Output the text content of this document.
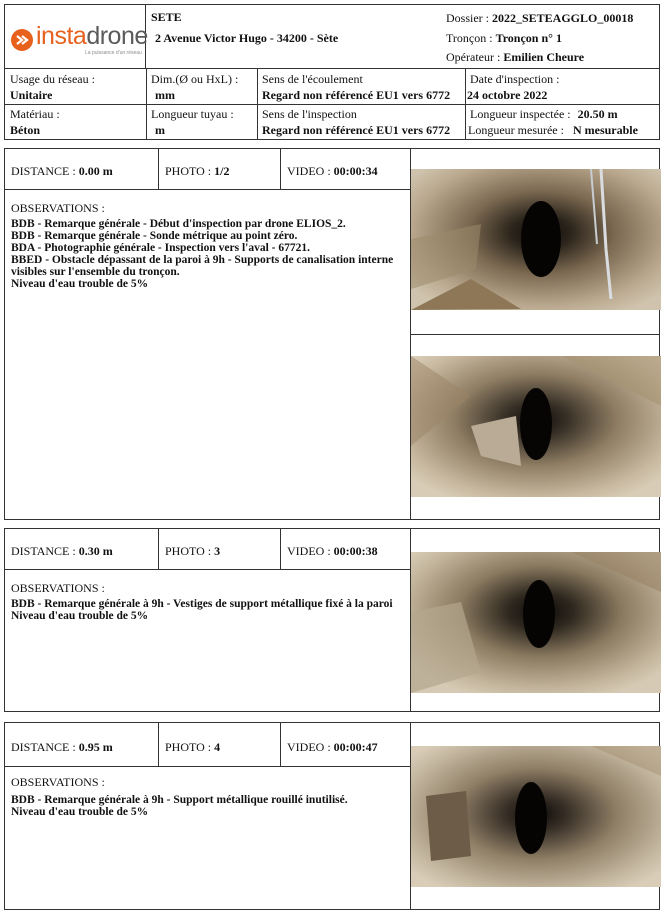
instadrone
La puissance d'un réseau
SETE
2 Avenue Victor Hugo - 34200 - Sète
Dossier : 2022_SETEAGGLO_00018
Tronçon : Tronçon n° 1
Opérateur : Emilien Cheure
Usage du réseau :
Unitaire
Dim.(Ø ou HxL) :
mm
Sens de l'écoulement
Regard non référencé EU1 vers 6772
Date d'inspection :
24 octobre 2022
Matériau :
Béton
Longueur tuyau :
m
Sens de l'inspection
Regard non référencé EU1 vers 6772
Longueur inspectée : 20.50 m
Longueur mesurée : N mesurable
DISTANCE : 0.00 m	PHOTO : 1/2	VIDEO : 00:00:34
OBSERVATIONS :
BDB - Remarque générale - Début d'inspection par drone ELIOS_2.
BDB - Remarque générale - Sonde métrique au point zéro.
BDA - Photographie générale - Inspection vers l'aval - 67721.
BBED - Obstacle dépassant de la paroi à 9h - Supports de canalisation interne
visibles sur l'ensemble du tronçon.
Niveau d'eau trouble de 5%
DISTANCE : 0.30 m	PHOTO : 3	VIDEO : 00:00:38
OBSERVATIONS :
BDB - Remarque générale à 9h - Vestiges de support métallique fixé à la paroi
Niveau d'eau trouble de 5%
DISTANCE : 0.95 m	PHOTO : 4	VIDEO : 00:00:47
OBSERVATIONS :
BDB - Remarque générale à 9h - Support métallique rouillé inutilisé.
Niveau d'eau trouble de 5%
